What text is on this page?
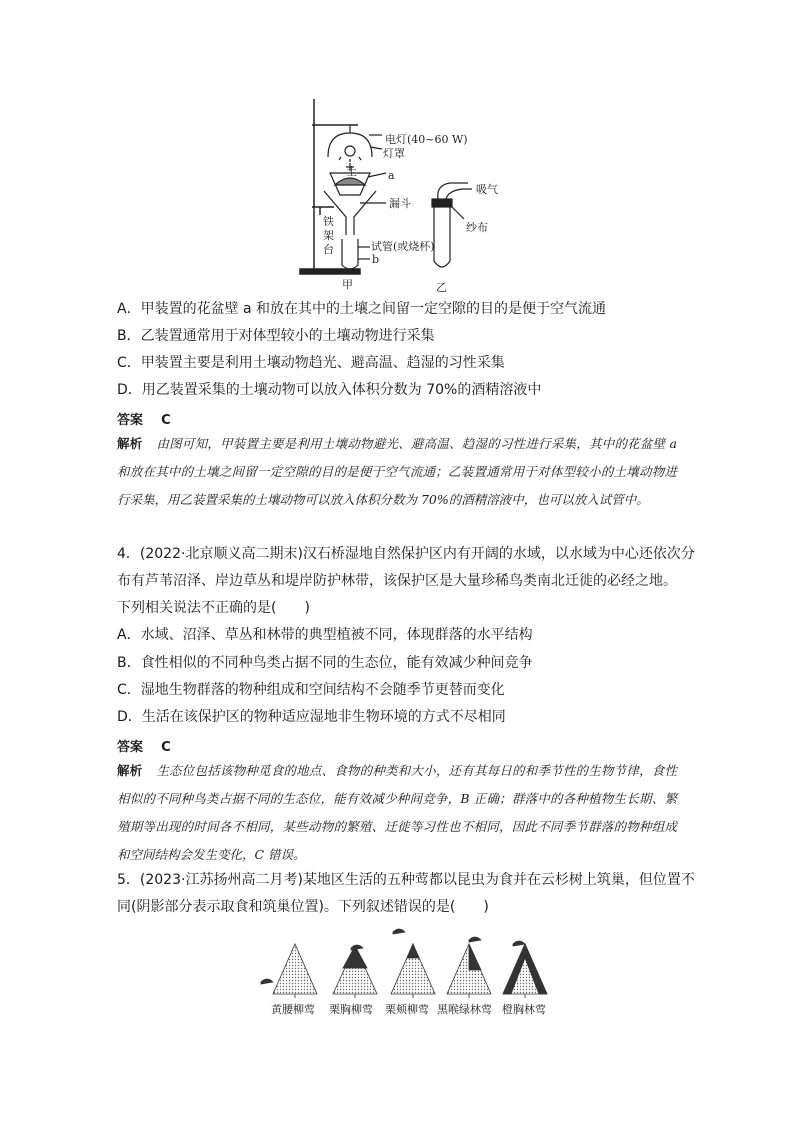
电灯(40~60 W)
灯罩
土	a
漏斗
铁
架
台	试管(或烧杯)
b
甲
吸气
纱布
乙
A．甲装置的花盆壁 a 和放在其中的土壤之间留一定空隙的目的是便于空气流通
B．乙装置通常用于对体型较小的土壤动物进行采集
C．甲装置主要是利用土壤动物趋光、避高温、趋湿的习性采集
D．用乙装置采集的土壤动物可以放入体积分数为 70%的酒精溶液中
答案 C
解析 由图可知，甲装置主要是利用土壤动物避光、避高温、趋湿的习性进行采集，其中的花盆壁 a 和放在其中的土壤之间留一定空隙的目的是便于空气流通；乙装置通常用于对体型较小的土壤动物进行采集，用乙装置采集的土壤动物可以放入体积分数为 70%的酒精溶液中，也可以放入试管中。
4．(2022·北京顺义高二期末)汉石桥湿地自然保护区内有开阔的水域，以水域为中心还依次分
布有芦苇沼泽、岸边草丛和堤岸防护林带，该保护区是大量珍稀鸟类南北迁徙的必经之地。
下列相关说法不正确的是(　　)
A．水域、沼泽、草丛和林带的典型植被不同，体现群落的水平结构
B．食性相似的不同种鸟类占据不同的生态位，能有效减少种间竞争
C．湿地生物群落的物种组成和空间结构不会随季节更替而变化
D．生活在该保护区的物种适应湿地非生物环境的方式不尽相同
答案 C
解析 生态位包括该物种觅食的地点、食物的种类和大小，还有其每日的和季节性的生物节律，食性相似的不同种鸟类占据不同的生态位，能有效减少种间竞争，B 正确；群落中的各种植物生长期、繁殖期等出现的时间各不相同，某些动物的繁殖、迁徙等习性也不相同，因此不同季节群落的物种组成和空间结构会发生变化，C 错误。
5．(2023·江苏扬州高二月考)某地区生活的五种莺都以昆虫为食并在云杉树上筑巢，但位置不
同(阴影部分表示取食和筑巢位置)。下列叙述错误的是(　　)
黄腰柳莺 栗胸柳莺 栗颊柳莺 黑喉绿林莺 橙胸林莺
